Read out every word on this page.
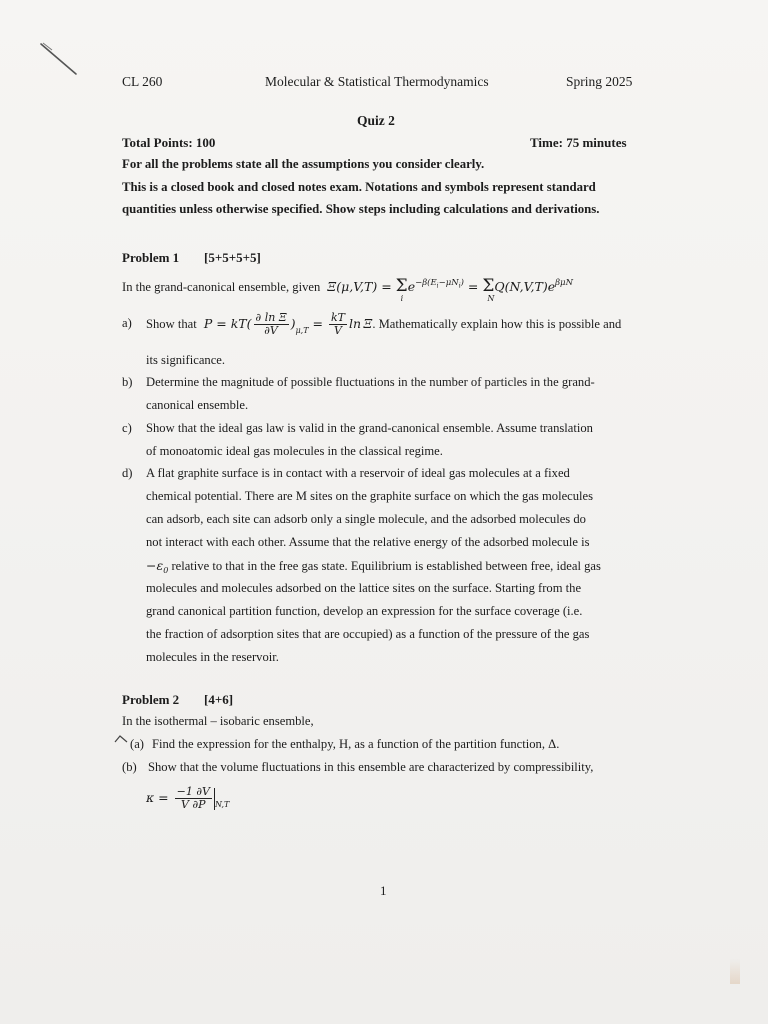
CL 260	Molecular & Statistical Thermodynamics	Spring 2025
Quiz 2
Total Points: 100	Time: 75 minutes
For all the problems state all the assumptions you consider clearly.
This is a closed book and closed notes exam. Notations and symbols represent standard
quantities unless otherwise specified. Show steps including calculations and derivations.
Problem 1 [5+5+5+5]
In the grand-canonical ensemble, given  Ξ(μ,V,T) = Σ
i
$e^{-\beta(E_i-\mu N_i)} = \Sigma$
N
$Q(N,V,T)e^{\beta\mu N}$
a) Show that $P = kT( \frac{\text{∂ ln Ξ}}{\partial V} )_{\mu,T} = \frac{kT}{V}$ ln Ξ. Mathematically explain how this is possible and
its significance.
b) Determine the magnitude of possible fluctuations in the number of particles in the grand-
canonical ensemble.
c) Show that the ideal gas law is valid in the grand-canonical ensemble. Assume translation
of monoatomic ideal gas molecules in the classical regime.
d) A flat graphite surface is in contact with a reservoir of ideal gas molecules at a fixed
chemical potential. There are M sites on the graphite surface on which the gas molecules
can adsorb, each site can adsorb only a single molecule, and the adsorbed molecules do
not interact with each other. Assume that the relative energy of the adsorbed molecule is
$-\varepsilon_0$ relative to that in the free gas state. Equilibrium is established between free, ideal gas
molecules and molecules adsorbed on the lattice sites on the surface. Starting from the
grand canonical partition function, develop an expression for the surface coverage (i.e.
the fraction of adsorption sites that are occupied) as a function of the pressure of the gas
molecules in the reservoir.
Problem 2 [4+6]
In the isothermal – isobaric ensemble,
(a) Find the expression for the enthalpy, H, as a function of the partition function, Δ.
(b) Show that the volume fluctuations in this ensemble are characterized by compressibility,
$\kappa = \frac{-1 \partial V}{V \partial P} _{N,T}$
1
